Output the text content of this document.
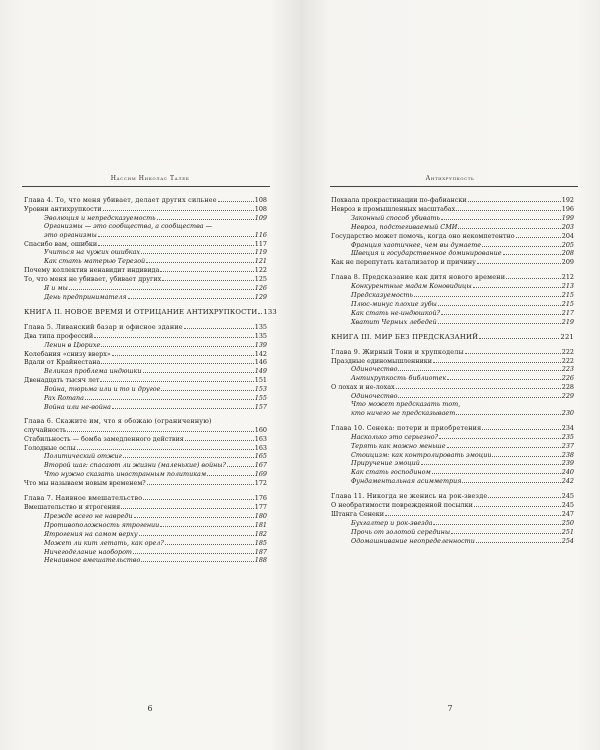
Нассим Николас Талеб
Глава 4. То, что меня убивает, делает других сильнее	108
Уровни антихрупкости	108
Эволюция и непредсказуемость	109
Организмы — это сообщества, а сообщества —
это организмы	116
Спасибо вам, ошибки	117
Учиться на чужих ошибках	119
Как стать матерью Терезой	121
Почему коллектив ненавидит индивида	122
То, что меня не убивает, убивает других	125
Я и мы	126
День предпринимателя	129
КНИГА II. НОВОЕ ВРЕМЯ И ОТРИЦАНИЕ АНТИХРУПКОСТИ 133
Глава 5. Ливанский базар и офисное здание	135
Два типа профессий	135
Ленин в Цюрихе	139
Колебания «снизу вверх»	142
Вдали от Крайнестана	146
Великая проблема индюшки	149
Двенадцать тысяч лет	151
Война, тюрьма или и то и другое	153
Pax Romana	155
Война или не-война	157
Глава 6. Скажите им, что я обожаю (ограниченную)
случайность	160
Стабильность — бомба замедленного действия	163
Голодные ослы	163
Политический отжиг	165
Второй шаг: спасают ли жизни (маленькие) войны?	167
Что нужно сказать иностранным политикам	169
Что мы называем новым временем?	172
Глава 7. Наивное вмешательство	176
Вмешательство и ятрогения	177
Прежде всего не навреди	180
Противоположность ятрогении	181
Ятрогения на самом верху	182
Может ли кит летать, как орел?	185
Ничегоделание наоборот	187
Ненаивное вмешательство	188
6
Антихрупкость
Похвала прокрастинации по-фабиански	192
Невроз в промышленных масштабах	196
Законный способ убивать	199
Невроз, подстегиваемый СМИ	203
Государство может помочь, когда оно некомпетентно	204
Франция хаотичнее, чем вы думаете	205
Швеция и государственное доминирование	208
Как не перепутать катализатор и причину	209
Глава 8. Предсказание как дитя нового времени	212
Конкурентные мадам Коновидицы	213
Предсказуемость	215
Плюс-минус плохие зубы	215
Как стать не-индюшкой?	217
Хватит Черных лебедей	219
КНИГА III. МИР БЕЗ ПРЕДСКАЗАНИЙ	221
Глава 9. Жирный Тони и хрупкоделы	222
Праздные единомышленники	222
Одиночество	223
Антихрупкость библиотек	226
О лохах и не-лохах	228
Одиночество	229
Что может предсказать тот,
кто ничего не предсказывает	230
Глава 10. Сенека: потери и приобретения	234
Насколько это серьезно?	235
Терять как можно меньше	237
Стоицизм: как контролировать эмоции	238
Приручение эмоций	239
Как стать господином	240
Фундаментальная асимметрия	242
Глава 11. Никогда не женись на рок-звезде	245
О необратимости поврежденной посылки	245
Штанга Сенеки	247
Бухгалтер и рок-звезда	250
Прочь от золотой середины	251
Одомашнивание неопределенности	254
7
